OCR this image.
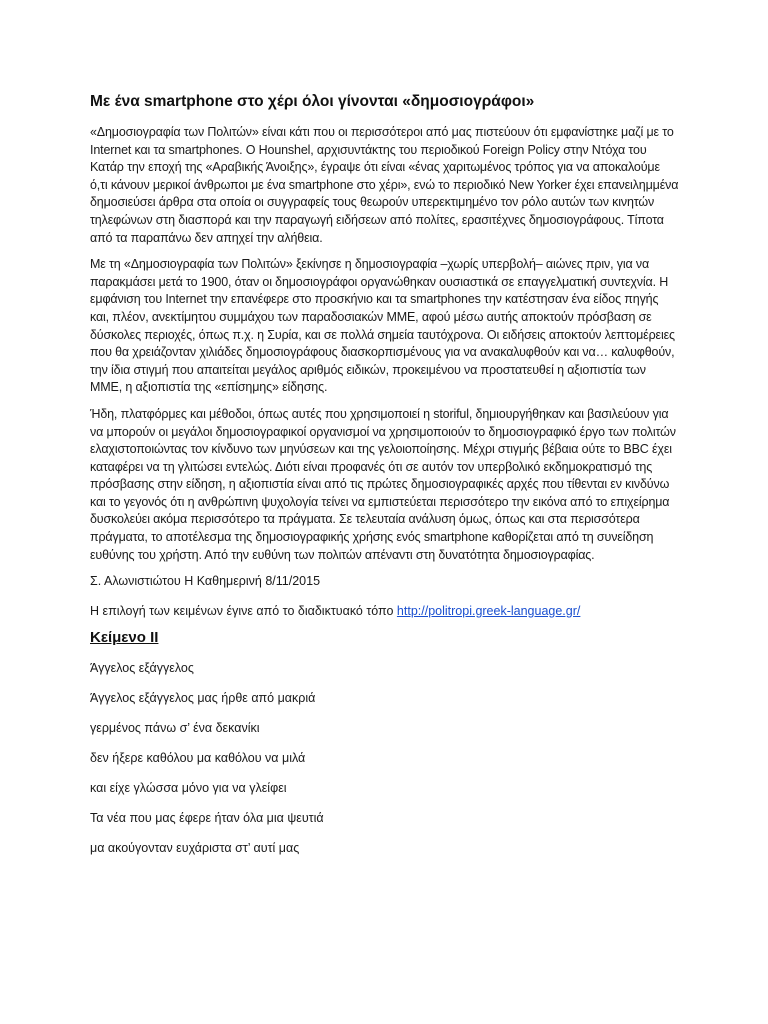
Με ένα smartphone στο χέρι όλοι γίνονται «δημοσιογράφοι»

«Δημοσιογραφία των Πολιτών» είναι κάτι που οι περισσότεροι από μας πιστεύουν ότι εμφανίστηκε μαζί με το Internet και τα smartphones. Ο Hounshel, αρχισυντάκτης του περιοδικού Foreign Policy στην Ντόχα του Κατάρ την εποχή της «Αραβικής Άνοιξης», έγραψε ότι είναι «ένας χαριτωμένος τρόπος για να αποκαλούμε ό,τι κάνουν μερικοί άνθρωποι με ένα smartphone στο χέρι», ενώ το περιοδικό New Yorker έχει επανειλημμένα δημοσιεύσει άρθρα στα οποία οι συγγραφείς τους θεωρούν υπερεκτιμημένο τον ρόλο αυτών των κινητών τηλεφώνων στη διασπορά και την παραγωγή ειδήσεων από πολίτες, ερασιτέχνες δημοσιογράφους. Τίποτα από τα παραπάνω δεν απηχεί την αλήθεια.

Με τη «Δημοσιογραφία των Πολιτών» ξεκίνησε η δημοσιογραφία –χωρίς υπερβολή– αιώνες πριν, για να παρακμάσει μετά το 1900, όταν οι δημοσιογράφοι οργανώθηκαν ουσιαστικά σε επαγγελματική συντεχνία. Η εμφάνιση του Internet την επανέφερε στο προσκήνιο και τα smartphones την κατέστησαν ένα είδος πηγής και, πλέον, ανεκτίμητου συμμάχου των παραδοσιακών ΜΜΕ, αφού μέσω αυτής αποκτούν πρόσβαση σε δύσκολες περιοχές, όπως π.χ. η Συρία, και σε πολλά σημεία ταυτόχρονα. Οι ειδήσεις αποκτούν λεπτομέρειες που θα χρειάζονταν χιλιάδες δημοσιογράφους διασκορπισμένους για να ανακαλυφθούν και να… καλυφθούν, την ίδια στιγμή που απαιτείται μεγάλος αριθμός ειδικών, προκειμένου να προστατευθεί η αξιοπιστία των ΜΜΕ, η αξιοπιστία της «επίσημης» είδησης.

Ήδη, πλατφόρμες και μέθοδοι, όπως αυτές που χρησιμοποιεί η storiful, δημιουργήθηκαν και βασιλεύουν για να μπορούν οι μεγάλοι δημοσιογραφικοί οργανισμοί να χρησιμοποιούν το δημοσιογραφικό έργο των πολιτών ελαχιστοποιώντας τον κίνδυνο των μηνύσεων και της γελοιοποίησης. Μέχρι στιγμής βέβαια ούτε το BBC έχει καταφέρει να τη γλιτώσει εντελώς. Διότι είναι προφανές ότι σε αυτόν τον υπερβολικό εκδημοκρατισμό της πρόσβασης στην είδηση, η αξιοπιστία είναι από τις πρώτες δημοσιογραφικές αρχές που τίθενται εν κινδύνω και το γεγονός ότι η ανθρώπινη ψυχολογία τείνει να εμπιστεύεται περισσότερο την εικόνα από το επιχείρημα δυσκολεύει ακόμα περισσότερο τα πράγματα. Σε τελευταία ανάλυση όμως, όπως και στα περισσότερα πράγματα, το αποτέλεσμα της δημοσιογραφικής χρήσης ενός smartphone καθορίζεται από τη συνείδηση ευθύνης του χρήστη. Από την ευθύνη των πολιτών απέναντι στη δυνατότητα δημοσιογραφίας.

Σ. Αλωνιστιώτου Η Καθημερινή 8/11/2015

Η επιλογή των κειμένων έγινε από το διαδικτυακό τόπο http://politropi.greek-language.gr/

Κείμενο ΙΙ

Άγγελος εξάγγελος

Άγγελος εξάγγελος μας ήρθε από μακριά

γερμένος πάνω σ’ ένα δεκανίκι

δεν ήξερε καθόλου μα καθόλου να μιλά

και είχε γλώσσα μόνο για να γλείφει

Τα νέα που μας έφερε ήταν όλα μια ψευτιά

μα ακούγονταν ευχάριστα στ’ αυτί μας
